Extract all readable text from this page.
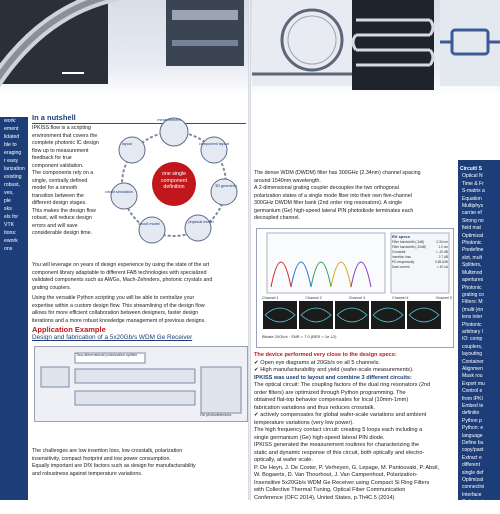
work:
ement
lidated
ble to
eraging
r easy
larization
existing
robust,
ves,
ple
sks
els for
VTK
tions:
ework
ons
In a nutshell
IPKISS.flow is a scripting
environment that covers the
complete photonic IC design
flow up to measurement
feedback for true
component validation.
The components rely on a
single, centrally defined
model for a smooth
transition between the
different design stages.
This makes the design flow
robust, will reduce design
errors and will save
considerable design time.
one single
component
definition
measurement
component layout
3D geometry
physical model
circuit model
circuit simulation
layout
You will leverage on years of design experience by using the state of the art
component library adaptable to different FAB technologies with specialized
validated components such as AWGs, Mach-Zehnders, photonic crystals and
grating couplers.
Using the versatile Python scripting you will be able to centralize your
expertise within a custom design flow. This streamlining of the design flow
allows for more efficient collaboration between designers, faster design
iterations and a more robust knowledge management of previous designs.
Application Example
Design and fabrication of a 5x20Gb/s WDM Ge Receiver
Two-dimensional polarization splitter
Ge photodetectors
The challenges are low insertion loss, low crosstalk, polarization
insensitivity, compact footprint and low power consumption.
Equally important are DfX factors such as design for manufacturability
and robustness against temperature variations.
The dense WDM (DWDM) filter has 300GHz (2.34nm) channel spacing
around 1540nm wavelength.
A 2-dimensional grating coupler decouples the two orthogonal
polarization states of a single mode fiber into their own five-channel
300GHz DWDM filter bank (2nd order ring resonators). A single
germanium (Ge) high-speed lateral PIN photodiode terminates each
decoupled channel.
RX specs
Filter bandwidth (-3dB)	0.34 nm
Filter bandwidth (-20dB)	1.2 nm
Crosstalk	< -20 dB
Insertion loss	2.7 dB
PD responsivity	0.55 A/W
Dark current	< 40 nA
Channel 1	Channel 2	Channel 3	Channel 4	Channel 5
Bitrate 20Gb/s · SNR > 7.0 (BER < 1e-12)
The device performed very close to the design specs:
✔ Open eye diagrams at 20Gb/s on all 5 channels.
✔ High manufacturability and yield (wafer-scale measurements).
IPKISS was used to layout and combine 3 different circuits:
The optical circuit: The coupling factors of the dual ring resonators (2nd
order filters) are optimized through Python programming. The
obtained flat-top behavior compensates for local (10mm-1mm)
fabrication variations and thus reduces crosstalk.
✔ actively compensates for global wafer-scale variations and ambient
temperature variations (very low power).
The high frequency contact circuit: creating 5 loops each including a
single germanium (Ge) high-speed lateral PIN diode.
IPKISS generated the measurement routines for characterizing the
static and dynamic response of this circuit, both optically and electro-
optically, at wafer scale.
P. De Heyn, J. De Coster, P. Verheyen, G. Lepage, M. Pantouvaki, P. Absil,
W. Bogaerts, D. Van Thourhout, J. Van Campenhout, Polarization-
Insensitive 5x20Gb/s WDM Ge Receiver using Compact Si Ring Filters
with Collective Thermal Tuning, Optical Fiber Communication
Conference (OFC 2014), United States, p.Th4C.5 (2014)
Circuit/ S
Optical N
Time & Fr
S-matrix a
Equation
Multiphys
carrier ef
Strong no
field mat
Optimizat
Photonic
Predefine
slot, mult
Splitters,
Multimod
apertures
Photonic
grating co
Filters: M
(multi-)rin
lens inter
Photonic
arbitrary l
IO: comp
couplers,
layouting
Container
Alignmen
Mask rou
Export mu
Control e
from IPKI
Embed te
definitio
Python p
Python: e
language
Define bu
copy/past
Extract e
different
single def
Optimizat
connectivi
Interface
Optimizat
numeric
